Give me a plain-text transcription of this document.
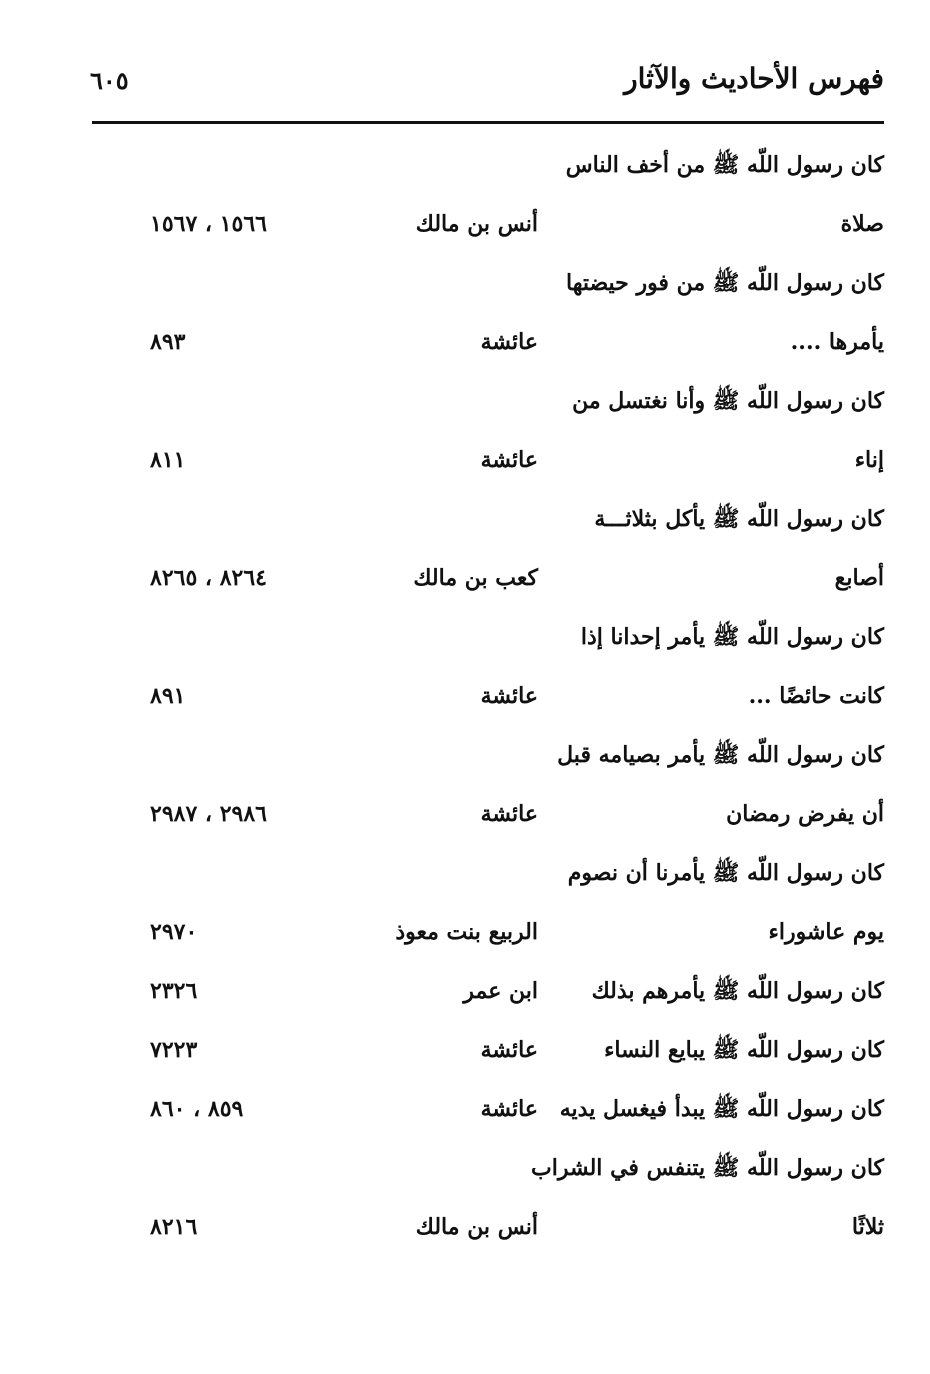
فهرس الأحاديث والآثار
٦٠٥
كان رسول اللّه ﷺ من أخف الناس
صلاة
أنس بن مالك
١٥٦٦ ، ١٥٦٧
كان رسول اللّه ﷺ من فور حيضتها
يأمرها ....
عائشة
٨٩٣
كان رسول اللّه ﷺ وأنا نغتسل من
إناء
عائشة
٨١١
كان رسول اللّه ﷺ يأكل بثلاثـــة
أصابع
كعب بن مالك
٨٢٦٤ ، ٨٢٦٥
كان رسول اللّه ﷺ يأمر إحدانا إذا
كانت حائضًا ...
عائشة
٨٩١
كان رسول اللّه ﷺ يأمر بصيامه قبل
أن يفرض رمضان
عائشة
٢٩٨٦ ، ٢٩٨٧
كان رسول اللّه ﷺ يأمرنا أن نصوم
يوم عاشوراء
الربيع بنت معوذ
٢٩٧٠
كان رسول اللّه ﷺ يأمرهم بذلك
ابن عمر
٢٣٢٦
كان رسول اللّه ﷺ يبايع النساء
عائشة
٧٢٢٣
كان رسول اللّه ﷺ يبدأ فيغسل يديه
عائشة
٨٥٩ ، ٨٦٠
كان رسول اللّه ﷺ يتنفس في الشراب
ثلاثًا
أنس بن مالك
٨٢١٦
